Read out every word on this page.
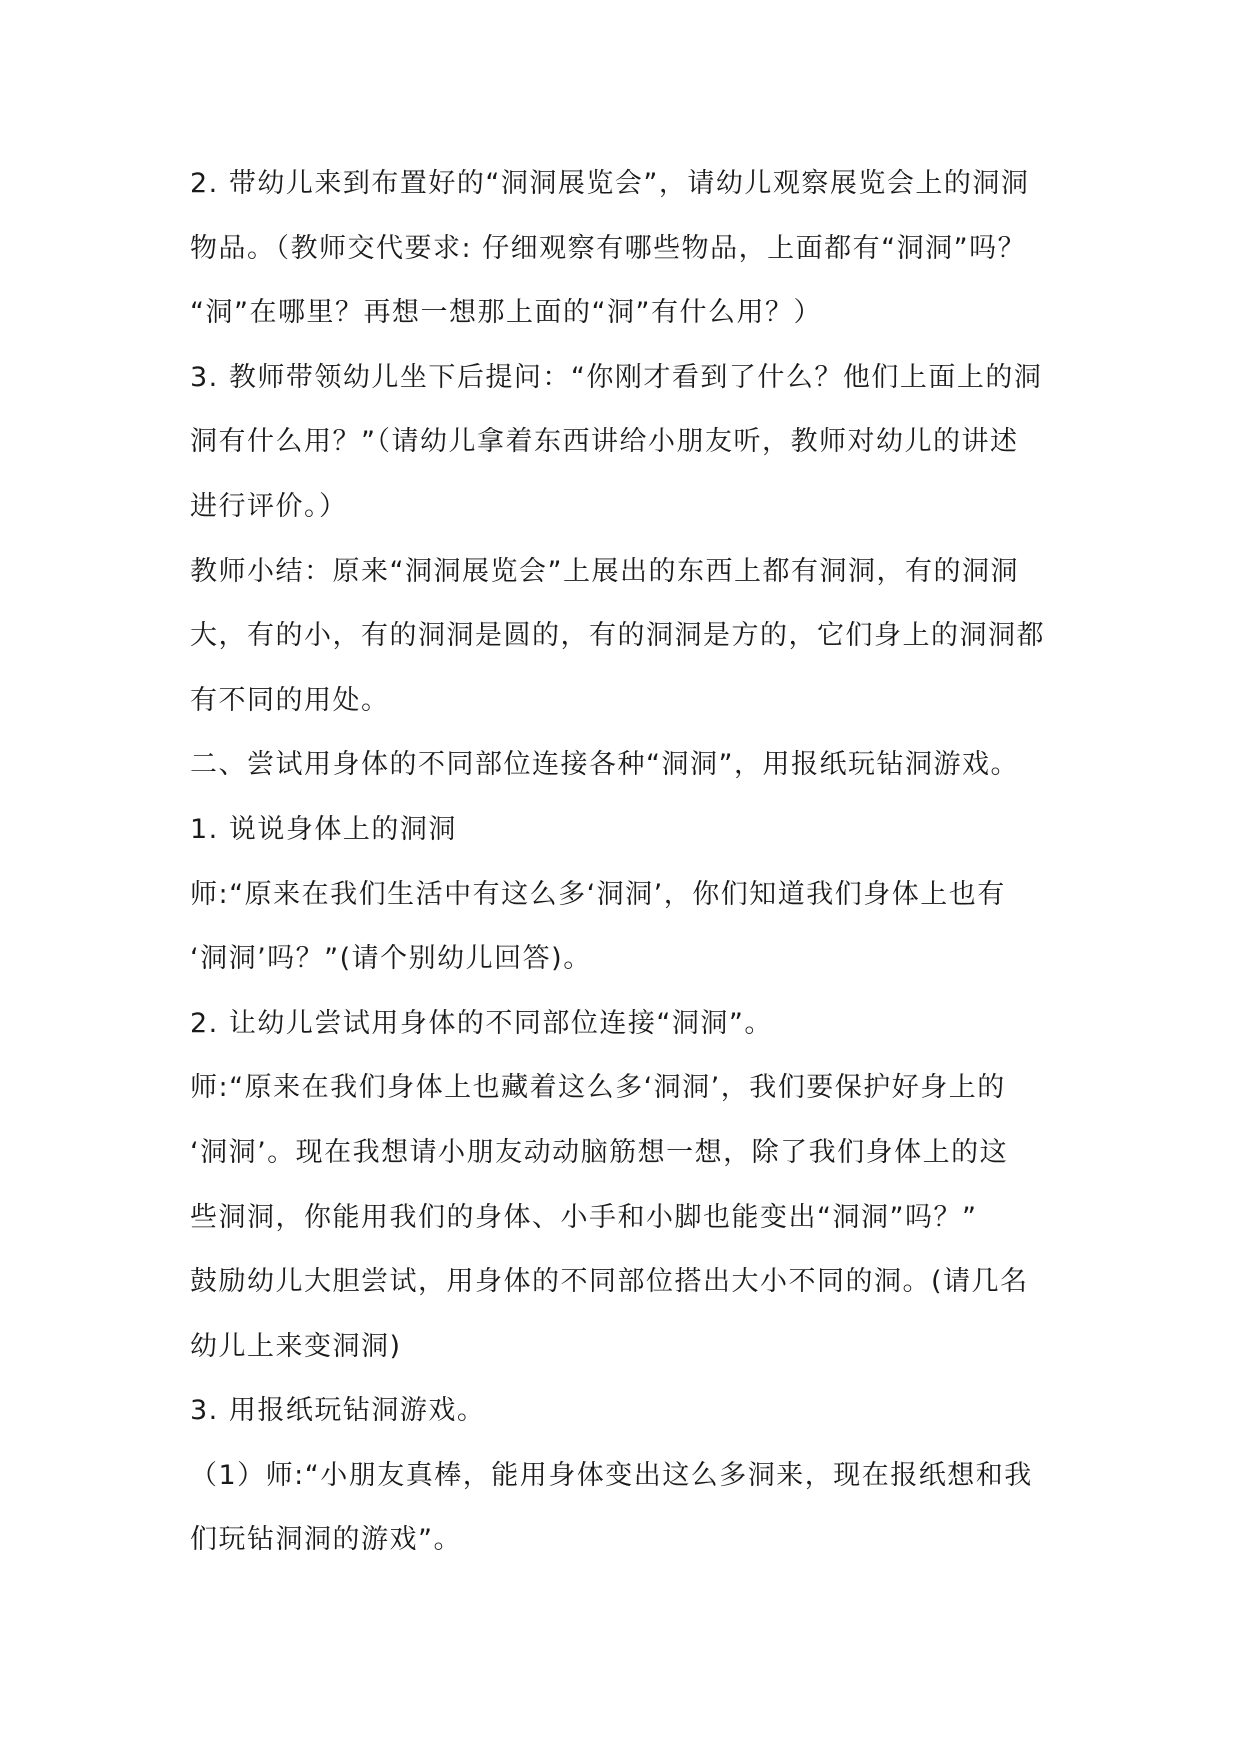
2. 带幼儿来到布置好的“洞洞展览会”，请幼儿观察展览会上的洞洞
物品。（教师交代要求: 仔细观察有哪些物品，上面都有“洞洞”吗？
“洞”在哪里？再想一想那上面的“洞”有什么用？）
3. 教师带领幼儿坐下后提问：“你刚才看到了什么？他们上面上的洞
洞有什么用？”（请幼儿拿着东西讲给小朋友听，教师对幼儿的讲述
进行评价。）
教师小结：原来“洞洞展览会”上展出的东西上都有洞洞，有的洞洞
大，有的小，有的洞洞是圆的，有的洞洞是方的，它们身上的洞洞都
有不同的用处。
二、尝试用身体的不同部位连接各种“洞洞”，用报纸玩钻洞游戏。
1. 说说身体上的洞洞
师:“原来在我们生活中有这么多‘洞洞’，你们知道我们身体上也有
‘洞洞’吗？”(请个别幼儿回答)。
2. 让幼儿尝试用身体的不同部位连接“洞洞”。
师:“原来在我们身体上也藏着这么多‘洞洞’，我们要保护好身上的
‘洞洞’。现在我想请小朋友动动脑筋想一想，除了我们身体上的这
些洞洞，你能用我们的身体、小手和小脚也能变出“洞洞”吗？”
鼓励幼儿大胆尝试，用身体的不同部位搭出大小不同的洞。(请几名
幼儿上来变洞洞)
3. 用报纸玩钻洞游戏。
（1）师:“小朋友真棒，能用身体变出这么多洞来，现在报纸想和我
们玩钻洞洞的游戏”。
